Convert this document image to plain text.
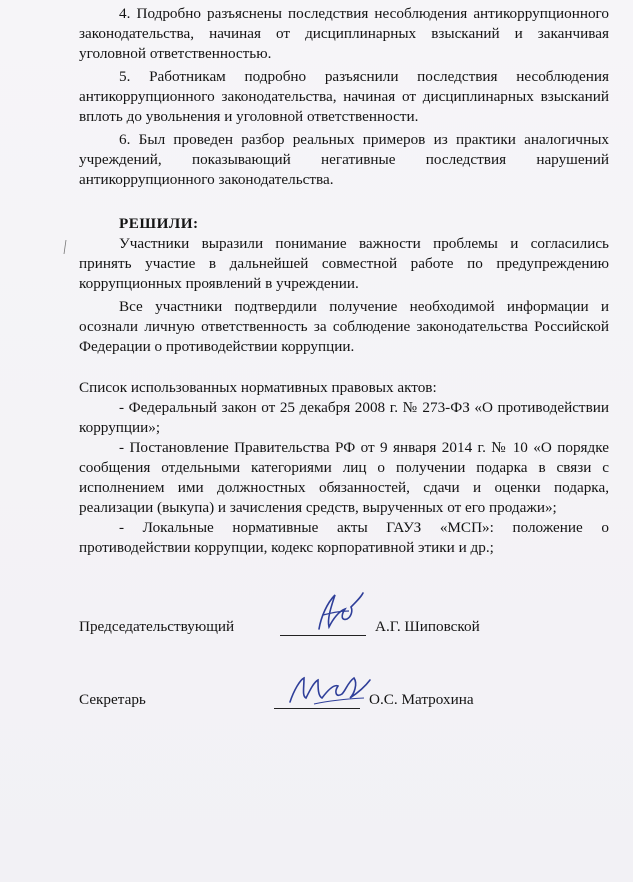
4. Подробно разъяснены последствия несоблюдения антикоррупционного законодательства, начиная от дисциплинарных взысканий и заканчивая уголовной ответственностью.

5. Работникам подробно разъяснили последствия несоблюдения антикоррупционного законодательства, начиная от дисциплинарных взысканий вплоть до увольнения и уголовной ответственности.

6. Был проведен разбор реальных примеров из практики аналогичных учреждений, показывающий негативные последствия нарушений антикоррупционного законодательства.

РЕШИЛИ:

Участники выразили понимание важности проблемы и согласились принять участие в дальнейшей совместной работе по предупреждению коррупционных проявлений в учреждении.

Все участники подтвердили получение необходимой информации и осознали личную ответственность за соблюдение законодательства Российской Федерации о противодействии коррупции.

Список использованных нормативных правовых актов:

- Федеральный закон от 25 декабря 2008 г. № 273-ФЗ «О противодействии коррупции»;

- Постановление Правительства РФ от 9 января 2014 г. № 10 «О порядке сообщения отдельными категориями лиц о получении подарка в связи с исполнением ими должностных обязанностей, сдачи и оценки подарка, реализации (выкупа) и зачисления средств, вырученных от его продажи»;

- Локальные нормативные акты ГАУЗ «МСП»: положение о противодействии коррупции, кодекс корпоративной этики и др.;

Председательствующий	А.Г. Шиповской
Секретарь	О.С. Матрохина
